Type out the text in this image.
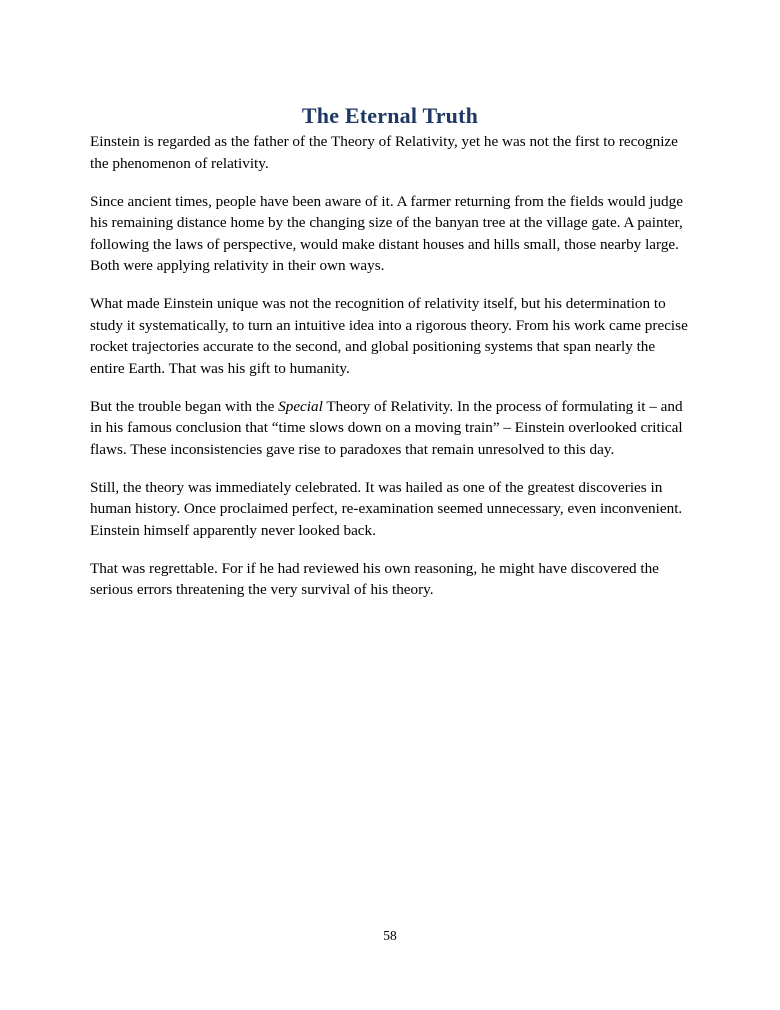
The Eternal Truth

Einstein is regarded as the father of the Theory of Relativity, yet he was not the first to recognize the phenomenon of relativity.

Since ancient times, people have been aware of it. A farmer returning from the fields would judge his remaining distance home by the changing size of the banyan tree at the village gate. A painter, following the laws of perspective, would make distant houses and hills small, those nearby large. Both were applying relativity in their own ways.

What made Einstein unique was not the recognition of relativity itself, but his determination to study it systematically, to turn an intuitive idea into a rigorous theory. From his work came precise rocket trajectories accurate to the second, and global positioning systems that span nearly the entire Earth. That was his gift to humanity.

But the trouble began with the Special Theory of Relativity. In the process of formulating it – and in his famous conclusion that “time slows down on a moving train” – Einstein overlooked critical flaws. These inconsistencies gave rise to paradoxes that remain unresolved to this day.

Still, the theory was immediately celebrated. It was hailed as one of the greatest discoveries in human history. Once proclaimed perfect, re-examination seemed unnecessary, even inconvenient. Einstein himself apparently never looked back.

That was regrettable. For if he had reviewed his own reasoning, he might have discovered the serious errors threatening the very survival of his theory.

58
